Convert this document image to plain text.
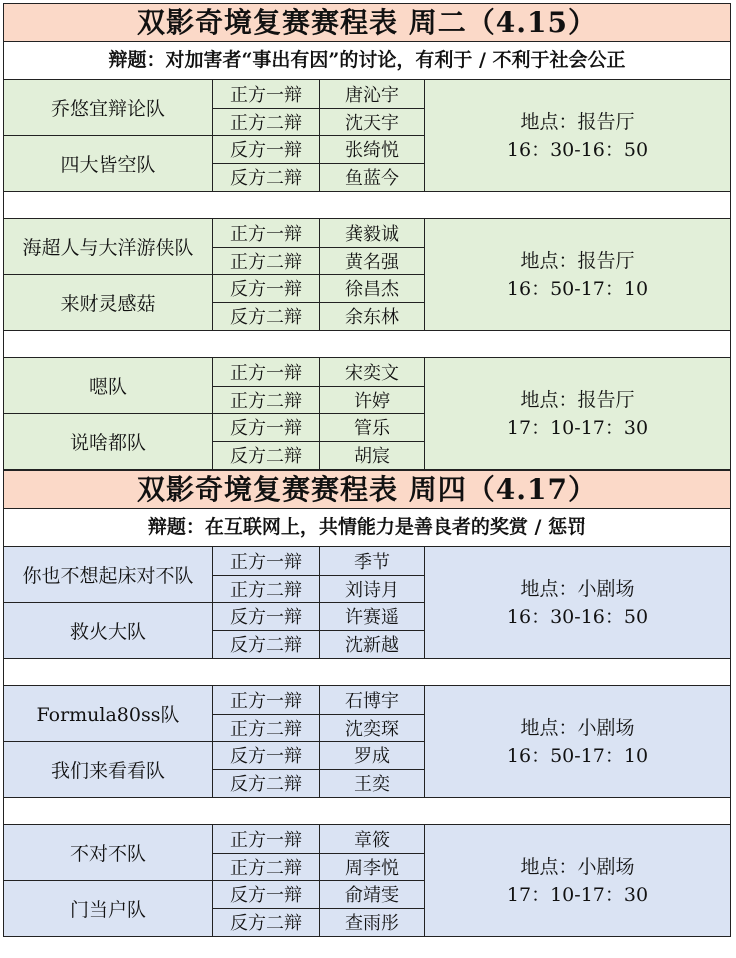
双影奇境复赛赛程表 周二（4.15）
辩题：对加害者“事出有因”的讨论，有利于 / 不利于社会公正
乔悠宜辩论队
四大皆空队
正方一辩
正方二辩
反方一辩
反方二辩
唐沁宇
沈天宇
张绮悦
鱼蓝今
地点：报告厅
16：30-16：50
海超人与大洋游侠队
来财灵感菇
正方一辩
正方二辩
反方一辩
反方二辩
龚毅诚
黄名强
徐昌杰
余东林
地点：报告厅
16：50-17：10
嗯队
说啥都队
正方一辩
正方二辩
反方一辩
反方二辩
宋奕文
许婷
管乐
胡宸
地点：报告厅
17：10-17：30
双影奇境复赛赛程表 周四（4.17）
辩题：在互联网上，共情能力是善良者的奖赏 / 惩罚
你也不想起床对不队
救火大队
正方一辩
正方二辩
反方一辩
反方二辩
季节
刘诗月
许赛遥
沈新越
地点：小剧场
16：30-16：50
Formula80ss队
我们来看看队
正方一辩
正方二辩
反方一辩
反方二辩
石博宇
沈奕琛
罗成
王奕
地点：小剧场
16：50-17：10
不对不队
门当户队
正方一辩
正方二辩
反方一辩
反方二辩
章筱
周李悦
俞靖雯
查雨彤
地点：小剧场
17：10-17：30
